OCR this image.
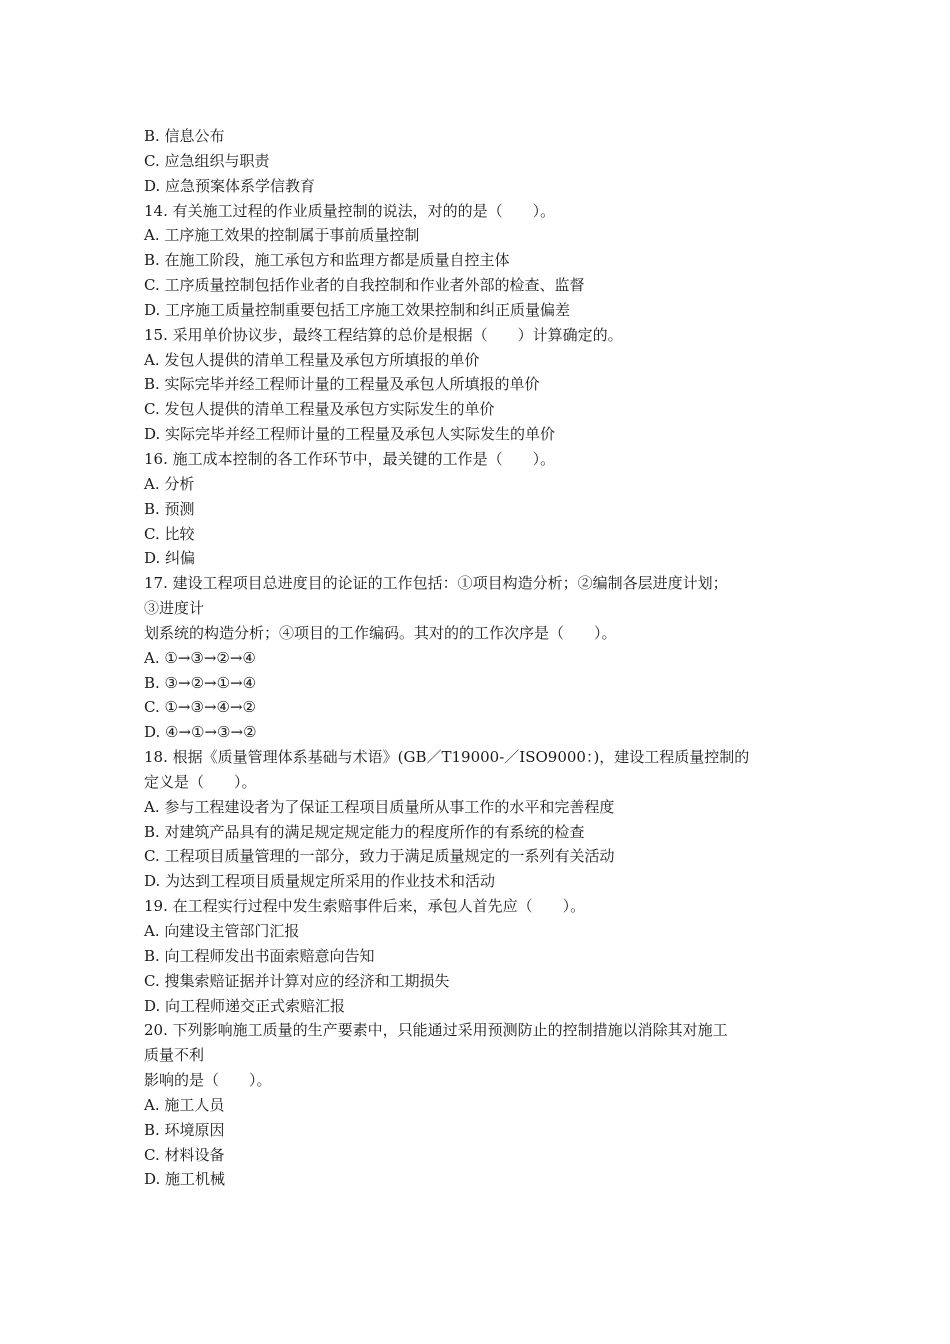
B. 信息公布
C. 应急组织与职责
D. 应急预案体系学信教育
14. 有关施工过程的作业质量控制的说法，对的的是（　　）。
A. 工序施工效果的控制属于事前质量控制
B. 在施工阶段，施工承包方和监理方都是质量自控主体
C. 工序质量控制包括作业者的自我控制和作业者外部的检查、监督
D. 工序施工质量控制重要包括工序施工效果控制和纠正质量偏差
15. 采用单价协议步，最终工程结算的总价是根据（　　）计算确定的。
A. 发包人提供的清单工程量及承包方所填报的单价
B. 实际完毕并经工程师计量的工程量及承包人所填报的单价
C. 发包人提供的清单工程量及承包方实际发生的单价
D. 实际完毕并经工程师计量的工程量及承包人实际发生的单价
16. 施工成本控制的各工作环节中，最关键的工作是（　　）。
A. 分析
B. 预测
C. 比较
D. 纠偏
17. 建设工程项目总进度目的论证的工作包括：①项目构造分析；②编制各层进度计划；
③进度计
划系统的构造分析；④项目的工作编码。其对的的工作次序是（　　）。
A. ①→③→②→④
B. ③→②→①→④
C. ①→③→④→②
D. ④→①→③→②
18. 根据《质量管理体系基础与术语》(GB／T19000-／ISO9000：)，建设工程质量控制的
定义是（　　）。
A. 参与工程建设者为了保证工程项目质量所从事工作的水平和完善程度
B. 对建筑产品具有的满足规定规定能力的程度所作的有系统的检查
C. 工程项目质量管理的一部分，致力于满足质量规定的一系列有关活动
D. 为达到工程项目质量规定所采用的作业技术和活动
19. 在工程实行过程中发生索赔事件后来，承包人首先应（　　）。
A. 向建设主管部门汇报
B. 向工程师发出书面索赔意向告知
C. 搜集索赔证据并计算对应的经济和工期损失
D. 向工程师递交正式索赔汇报
20. 下列影响施工质量的生产要素中，只能通过采用预测防止的控制措施以消除其对施工
质量不利
影响的是（　　）。
A. 施工人员
B. 环境原因
C. 材料设备
D. 施工机械
